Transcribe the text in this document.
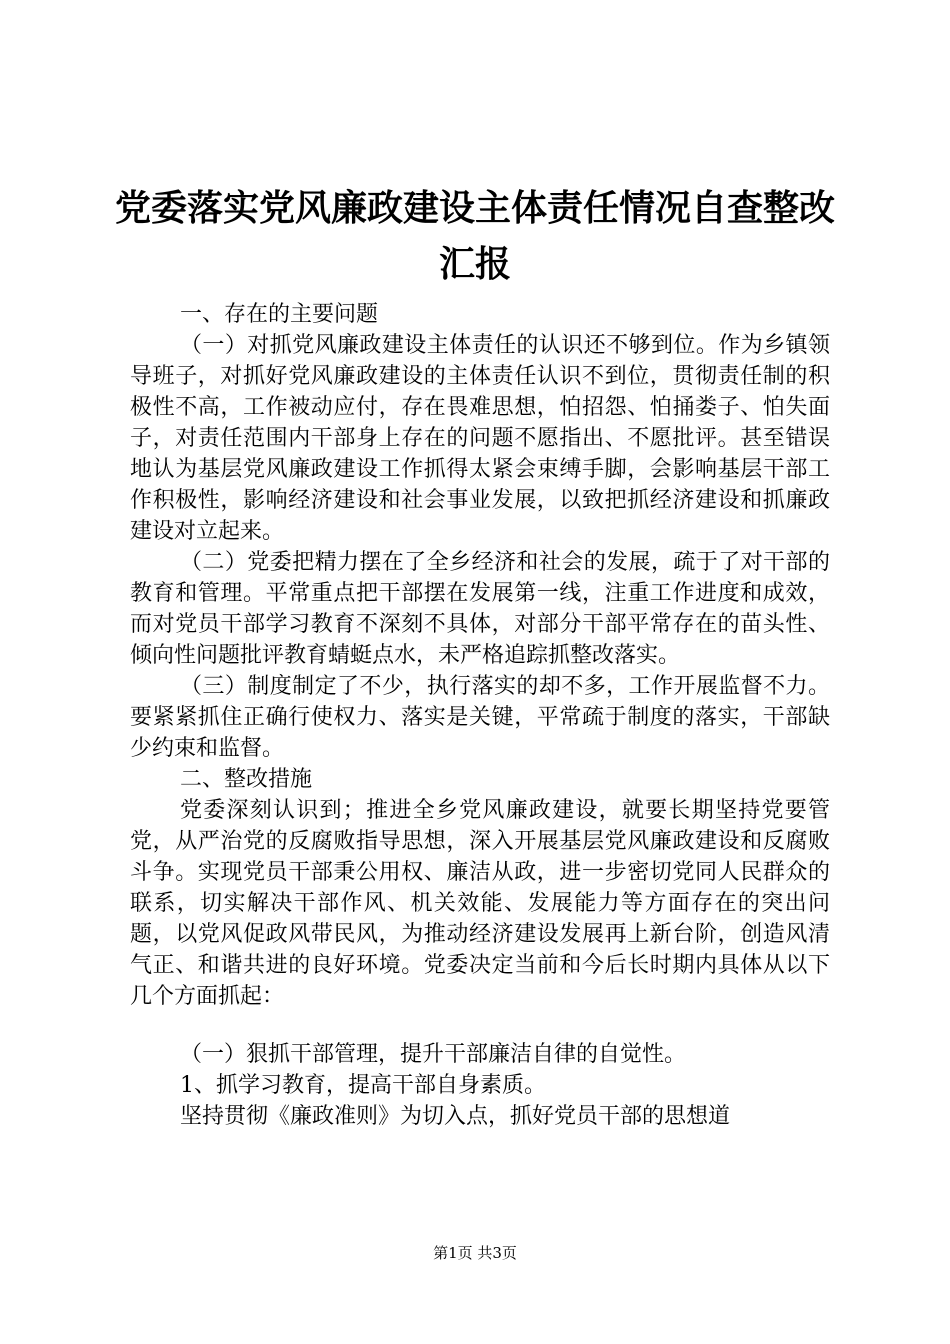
党委落实党风廉政建设主体责任情况自查整改
汇报

一、存在的主要问题

（一）对抓党风廉政建设主体责任的认识还不够到位。作为乡镇领导班子，对抓好党风廉政建设的主体责任认识不到位，贯彻责任制的积极性不高，工作被动应付，存在畏难思想，怕招怨、怕捅娄子、怕失面子，对责任范围内干部身上存在的问题不愿指出、不愿批评。甚至错误地认为基层党风廉政建设工作抓得太紧会束缚手脚，会影响基层干部工作积极性，影响经济建设和社会事业发展，以致把抓经济建设和抓廉政建设对立起来。

（二）党委把精力摆在了全乡经济和社会的发展，疏于了对干部的教育和管理。平常重点把干部摆在发展第一线，注重工作进度和成效，而对党员干部学习教育不深刻不具体，对部分干部平常存在的苗头性、倾向性问题批评教育蜻蜓点水，未严格追踪抓整改落实。

（三）制度制定了不少，执行落实的却不多，工作开展监督不力。要紧紧抓住正确行使权力、落实是关键，平常疏于制度的落实，干部缺少约束和监督。

二、整改措施

党委深刻认识到；推进全乡党风廉政建设，就要长期坚持党要管党，从严治党的反腐败指导思想，深入开展基层党风廉政建设和反腐败斗争。实现党员干部秉公用权、廉洁从政，进一步密切党同人民群众的联系，切实解决干部作风、机关效能、发展能力等方面存在的突出问题，以党风促政风带民风，为推动经济建设发展再上新台阶，创造风清气正、和谐共进的良好环境。党委决定当前和今后长时期内具体从以下几个方面抓起：

（一）狠抓干部管理，提升干部廉洁自律的自觉性。

1、抓学习教育，提高干部自身素质。

坚持贯彻《廉政准则》为切入点，抓好党员干部的思想道

第1页 共3页
